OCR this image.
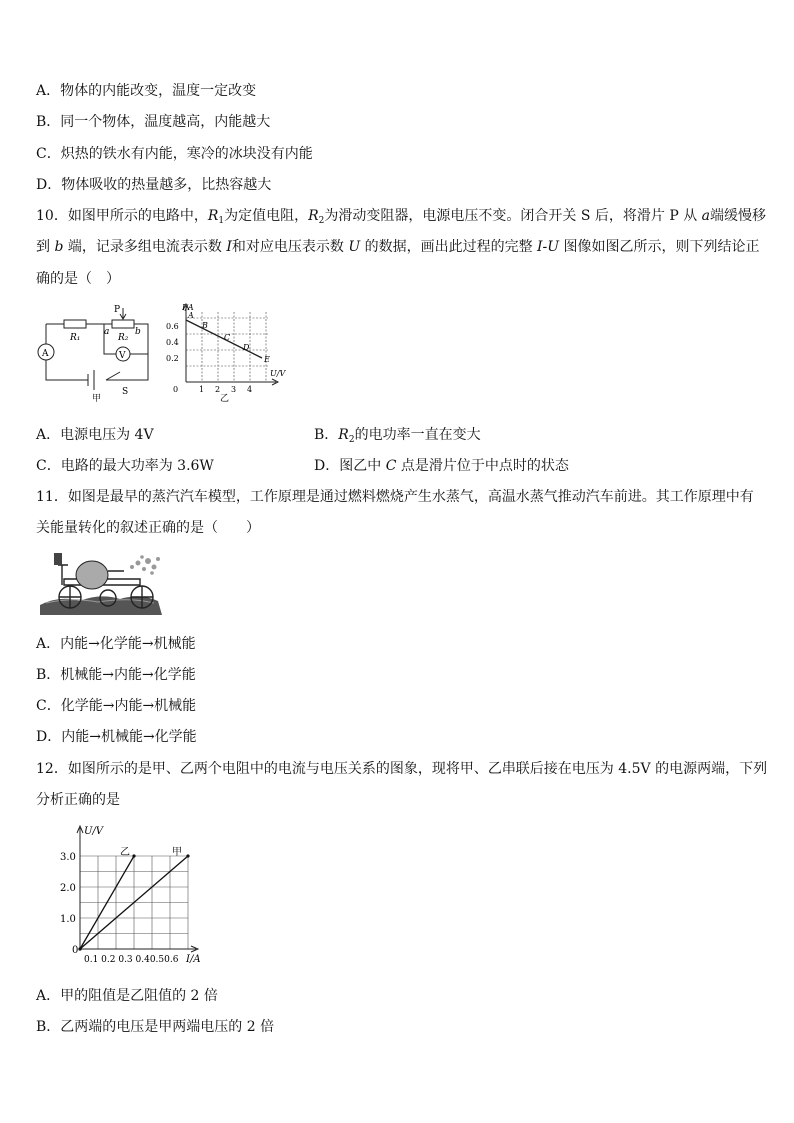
A．物体的内能改变，温度一定改变
B．同一个物体，温度越高，内能越大
C．炽热的铁水有内能，寒冷的冰块没有内能
D．物体吸收的热量越多，比热容越大
10．如图甲所示的电路中，$R_1$为定值电阻，$R_2$为滑动变阻器，电源电压不变。闭合开关 S 后，将滑片 P 从 a端缓慢移
到 b 端，记录多组电流表示数 I和对应电压表示数 U 的数据，画出此过程的完整 I-U 图像如图乙所示，则下列结论正
确的是（　）
A	V
R₁	R₂
a	b
P
S
甲
I/A
U/V
0.6
0.4
0.2
0	1 2 3 4
乙
A
B
C
D
E
A．电源电压为 4V	B．$R_2$的电功率一直在变大
C．电路的最大功率为 3.6W	D．图乙中 C 点是滑片位于中点时的状态
11．如图是最早的蒸汽汽车模型，工作原理是通过燃料燃烧产生水蒸气，高温水蒸气推动汽车前进。其工作原理中有
关能量转化的叙述正确的是（　　）
A．内能→化学能→机械能
B．机械能→内能→化学能
C．化学能→内能→机械能
D．内能→机械能→化学能
12．如图所示的是甲、乙两个电阻中的电流与电压关系的图象，现将甲、乙串联后接在电压为 4.5V 的电源两端，下列
分析正确的是
U/V
I/A
3.0
2.0
1.0
0
0.1 0.2 0.3 0.40.50.6
乙	甲
A．甲的阻值是乙阻值的 2 倍
B．乙两端的电压是甲两端电压的 2 倍
